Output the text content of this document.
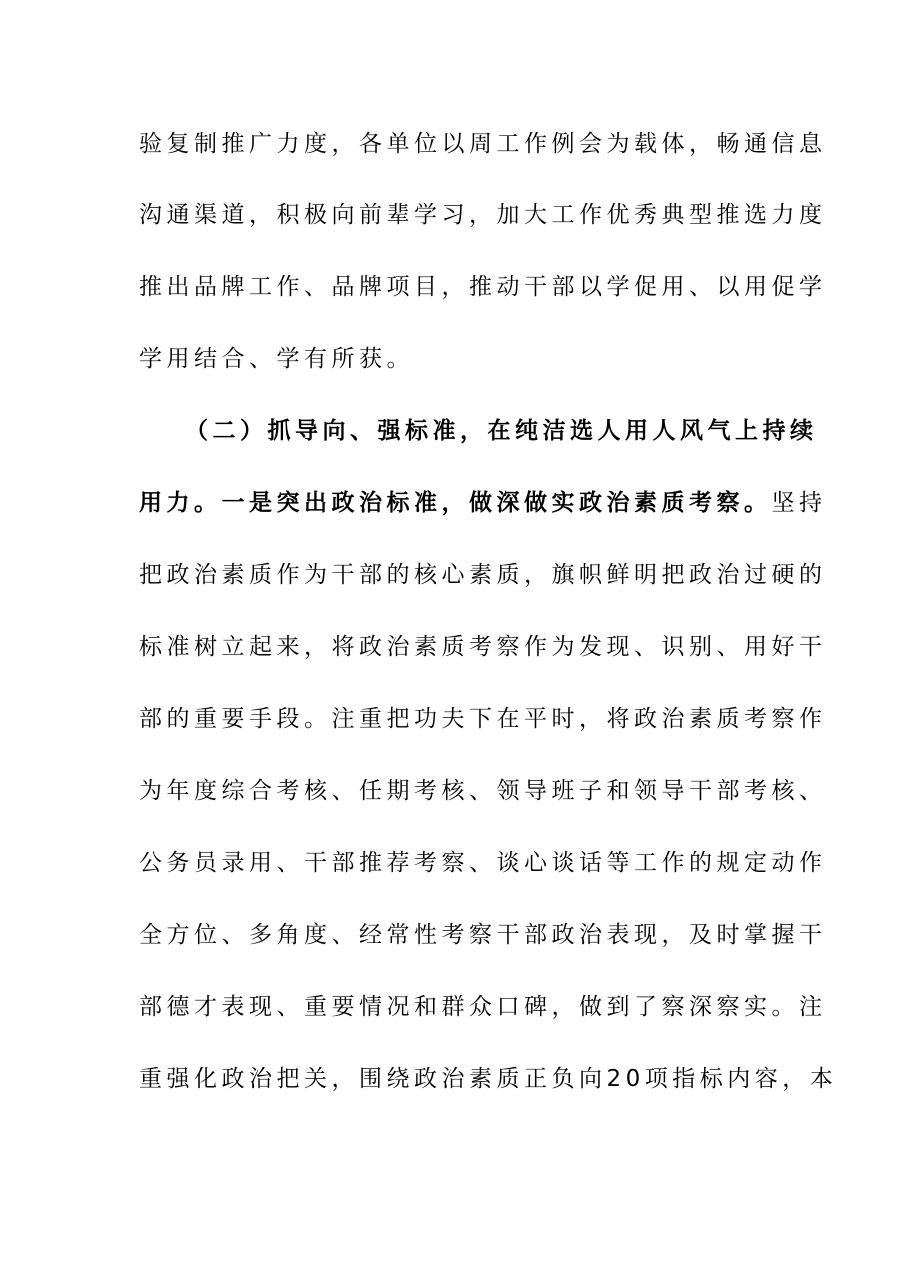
验复制推广力度，各单位以周工作例会为载体，畅通信息
沟通渠道，积极向前辈学习，加大工作优秀典型推选力度
推出品牌工作、品牌项目，推动干部以学促用、以用促学
学用结合、学有所获。
（二）抓导向、强标准，在纯洁选人用人风气上持续
用力。一是突出政治标准，做深做实政治素质考察。坚持
把政治素质作为干部的核心素质，旗帜鲜明把政治过硬的
标准树立起来，将政治素质考察作为发现、识别、用好干
部的重要手段。注重把功夫下在平时，将政治素质考察作
为年度综合考核、任期考核、领导班子和领导干部考核、
公务员录用、干部推荐考察、谈心谈话等工作的规定动作
全方位、多角度、经常性考察干部政治表现，及时掌握干
部德才表现、重要情况和群众口碑，做到了察深察实。注
重强化政治把关，围绕政治素质正负向20项指标内容，本
